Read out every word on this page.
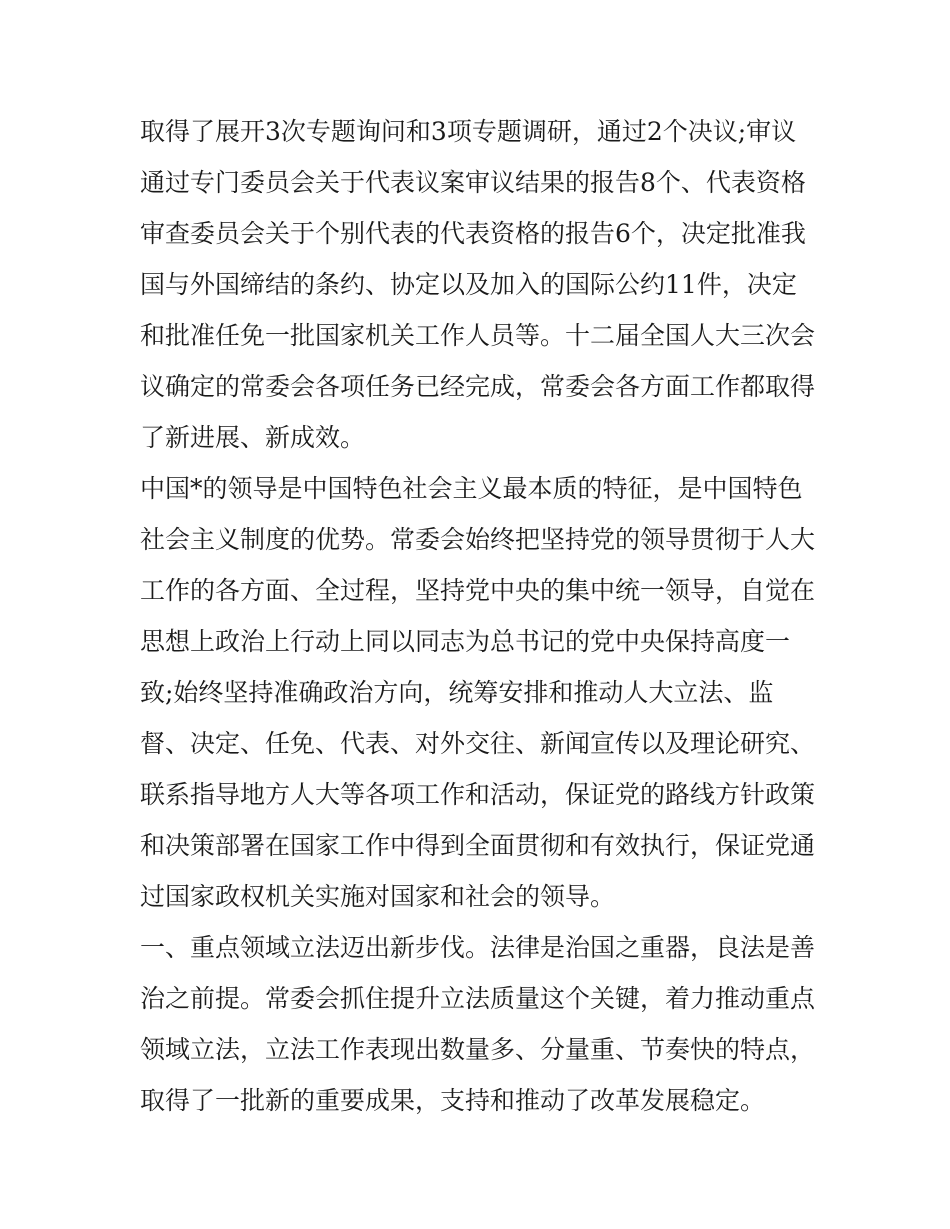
取得了展开3次专题询问和3项专题调研，通过2个决议;审议
通过专门委员会关于代表议案审议结果的报告8个、代表资格
审查委员会关于个别代表的代表资格的报告6个，决定批准我
国与外国缔结的条约、协定以及加入的国际公约11件，决定
和批准任免一批国家机关工作人员等。十二届全国人大三次会
议确定的常委会各项任务已经完成，常委会各方面工作都取得
了新进展、新成效。
中国*的领导是中国特色社会主义最本质的特征，是中国特色
社会主义制度的优势。常委会始终把坚持党的领导贯彻于人大
工作的各方面、全过程，坚持党中央的集中统一领导，自觉在
思想上政治上行动上同以同志为总书记的党中央保持高度一
致;始终坚持准确政治方向，统筹安排和推动人大立法、监
督、决定、任免、代表、对外交往、新闻宣传以及理论研究、
联系指导地方人大等各项工作和活动，保证党的路线方针政策
和决策部署在国家工作中得到全面贯彻和有效执行，保证党通
过国家政权机关实施对国家和社会的领导。
一、重点领域立法迈出新步伐。法律是治国之重器，良法是善
治之前提。常委会抓住提升立法质量这个关键，着力推动重点
领域立法，立法工作表现出数量多、分量重、节奏快的特点，
取得了一批新的重要成果，支持和推动了改革发展稳定。
